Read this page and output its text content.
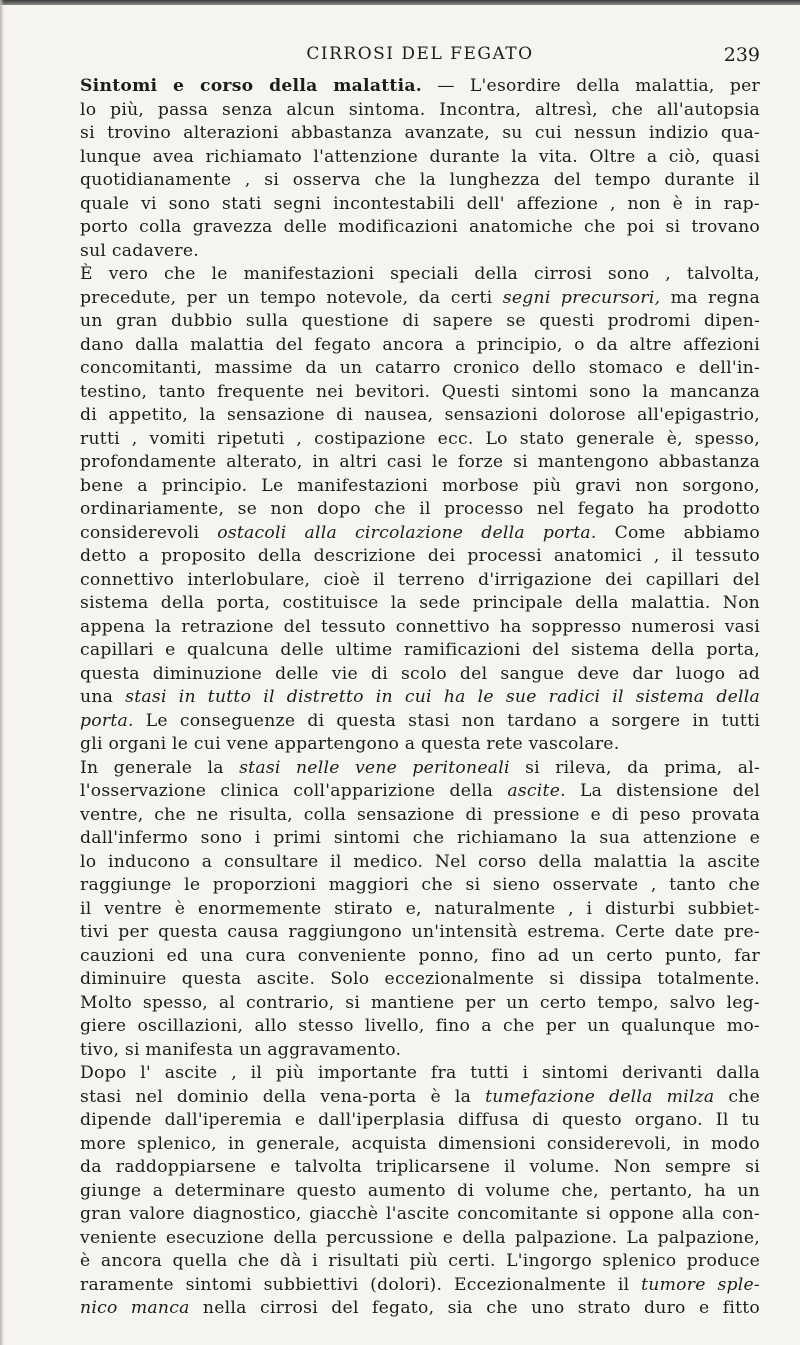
CIRROSI DEL FEGATO	239
Sintomi e corso della malattia. — L'esordire della malattia, per
lo più, passa senza alcun sintoma. Incontra, altresì, che all'autopsia
si trovino alterazioni abbastanza avanzate, su cui nessun indizio qua-
lunque avea richiamato l'attenzione durante la vita. Oltre a ciò, quasi
quotidianamente , si osserva che la lunghezza del tempo durante il
quale vi sono stati segni incontestabili dell' affezione , non è in rap-
porto colla gravezza delle modificazioni anatomiche che poi si trovano
sul cadavere.
È vero che le manifestazioni speciali della cirrosi sono , talvolta,
precedute, per un tempo notevole, da certi segni precursori, ma regna
un gran dubbio sulla questione di sapere se questi prodromi dipen-
dano dalla malattia del fegato ancora a principio, o da altre affezioni
concomitanti, massime da un catarro cronico dello stomaco e dell'in-
testino, tanto frequente nei bevitori. Questi sintomi sono la mancanza
di appetito, la sensazione di nausea, sensazioni dolorose all'epigastrio,
rutti , vomiti ripetuti , costipazione ecc. Lo stato generale è, spesso,
profondamente alterato, in altri casi le forze si mantengono abbastanza
bene a principio. Le manifestazioni morbose più gravi non sorgono,
ordinariamente, se non dopo che il processo nel fegato ha prodotto
considerevoli ostacoli alla circolazione della porta. Come abbiamo
detto a proposito della descrizione dei processi anatomici , il tessuto
connettivo interlobulare, cioè il terreno d'irrigazione dei capillari del
sistema della porta, costituisce la sede principale della malattia. Non
appena la retrazione del tessuto connettivo ha soppresso numerosi vasi
capillari e qualcuna delle ultime ramificazioni del sistema della porta,
questa diminuzione delle vie di scolo del sangue deve dar luogo ad
una stasi in tutto il distretto in cui ha le sue radici il sistema della
porta. Le conseguenze di questa stasi non tardano a sorgere in tutti
gli organi le cui vene appartengono a questa rete vascolare.
In generale la stasi nelle vene peritoneali si rileva, da prima, al-
l'osservazione clinica coll'apparizione della ascite. La distensione del
ventre, che ne risulta, colla sensazione di pressione e di peso provata
dall'infermo sono i primi sintomi che richiamano la sua attenzione e
lo inducono a consultare il medico. Nel corso della malattia la ascite
raggiunge le proporzioni maggiori che si sieno osservate , tanto che
il ventre è enormemente stirato e, naturalmente , i disturbi subbiet-
tivi per questa causa raggiungono un'intensità estrema. Certe date pre-
cauzioni ed una cura conveniente ponno, fino ad un certo punto, far
diminuire questa ascite. Solo eccezionalmente si dissipa totalmente.
Molto spesso, al contrario, si mantiene per un certo tempo, salvo leg-
giere oscillazioni, allo stesso livello, fino a che per un qualunque mo-
tivo, si manifesta un aggravamento.
Dopo l' ascite , il più importante fra tutti i sintomi derivanti dalla
stasi nel dominio della vena-porta è la tumefazione della milza che
dipende dall'iperemia e dall'iperplasia diffusa di questo organo. Il tu
more splenico, in generale, acquista dimensioni considerevoli, in modo
da raddoppiarsene e talvolta triplicarsene il volume. Non sempre si
giunge a determinare questo aumento di volume che, pertanto, ha un
gran valore diagnostico, giacchè l'ascite concomitante si oppone alla con-
veniente esecuzione della percussione e della palpazione. La palpazione,
è ancora quella che dà i risultati più certi. L'ingorgo splenico produce
raramente sintomi subbiettivi (dolori). Eccezionalmente il tumore sple-
nico manca nella cirrosi del fegato, sia che uno strato duro e fitto
